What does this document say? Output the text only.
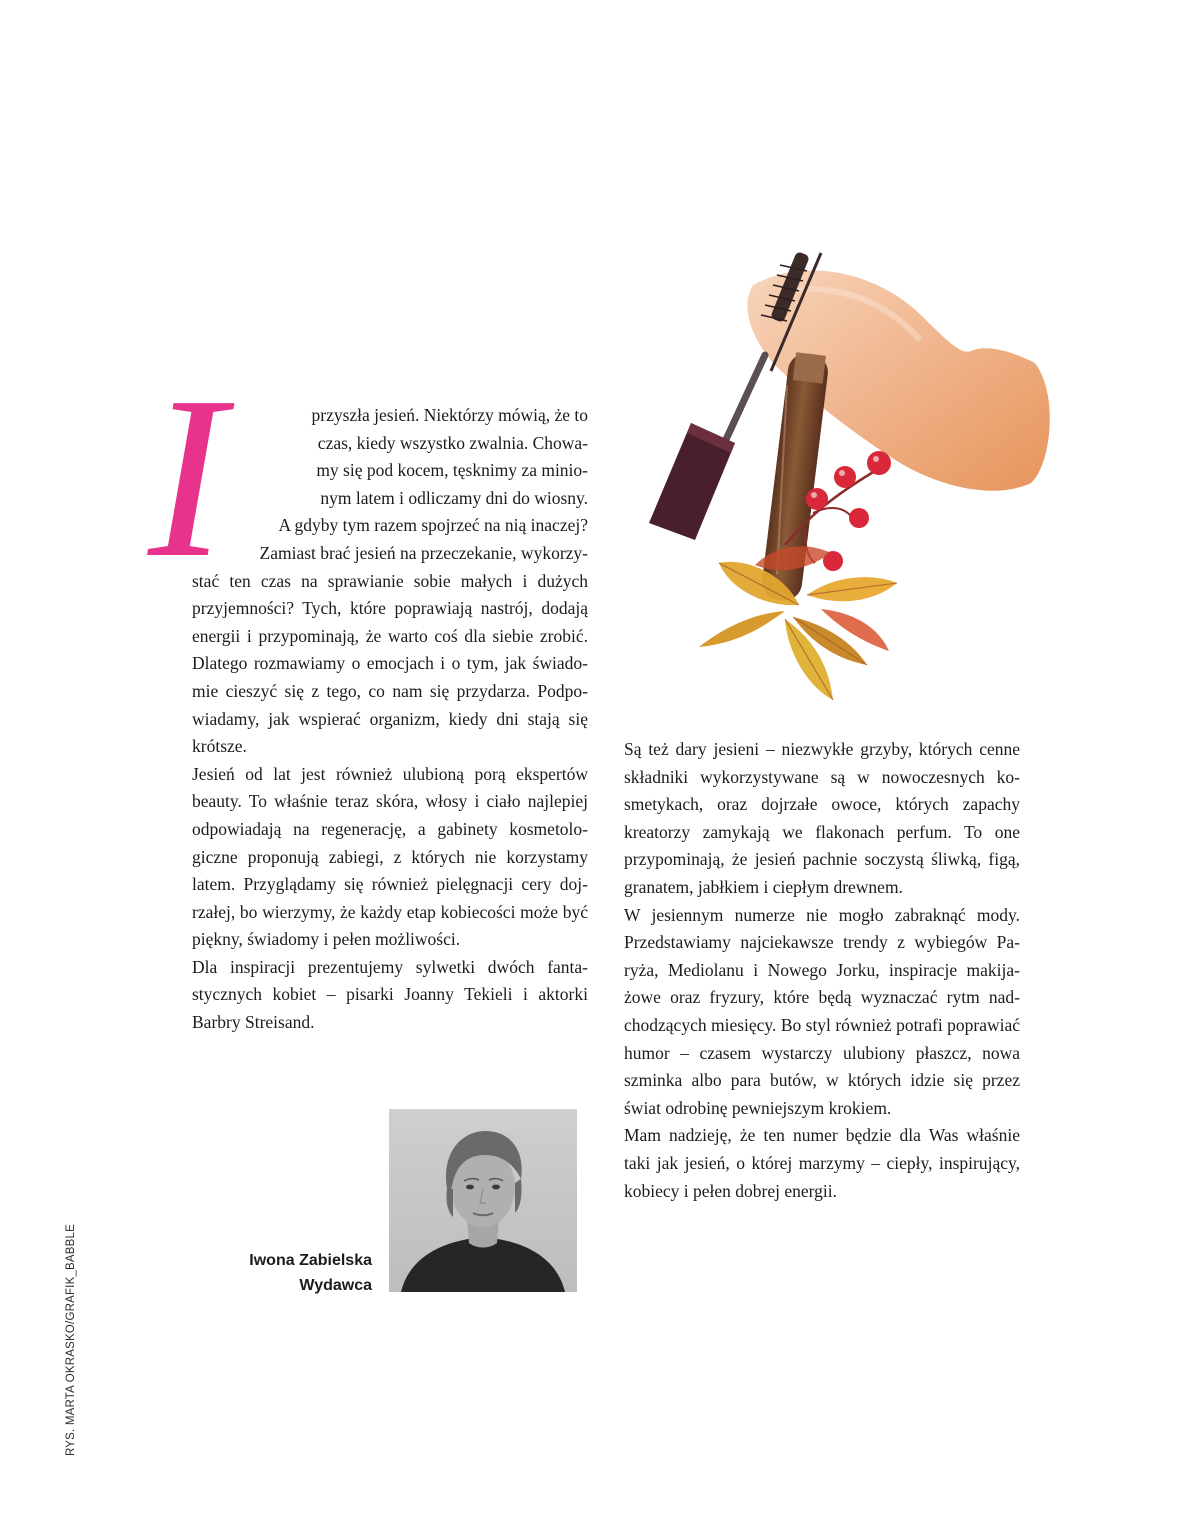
I	przyszła jesień. Niektórzy mówią, że to

czas, kiedy wszystko zwalnia. Chowa-

my się pod kocem, tęsknimy za minio-

nym latem i odliczamy dni do wiosny.

A gdyby tym razem spojrzeć na nią inaczej?

Zamiast brać jesień na przeczekanie, wykorzy-

stać ten czas na sprawianie sobie małych i dużych przyjemności? Tych, które poprawiają nastrój, dodają energii i przypominają, że warto coś dla siebie zrobić. Dlatego rozmawiamy o emocjach i o tym, jak świadomie cieszyć się z tego, co nam się przydarza. Podpowiadamy, jak wspierać organizm, kiedy dni stają się krótsze.

Jesień od lat jest również ulubioną porą ekspertów beauty. To właśnie teraz skóra, włosy i ciało najlepiej odpowiadają na regenerację, a gabinety kosmetologiczne proponują zabiegi, z których nie korzystamy latem. Przyglądamy się również pielęgnacji cery dojrzałej, bo wierzymy, że każdy etap kobiecości może być piękny, świadomy i pełen możliwości.

Dla inspiracji prezentujemy sylwetki dwóch fantastycznych kobiet – pisarki Joanny Tekieli i aktorki Barbry Streisand.

Są też dary jesieni – niezwykłe grzyby, których cenne składniki wykorzystywane są w nowoczesnych kosmetykach, oraz dojrzałe owoce, których zapachy kreatorzy zamykają we flakonach perfum. To one przypominają, że jesień pachnie soczystą śliwką, figą, granatem, jabłkiem i ciepłym drewnem.

W jesiennym numerze nie mogło zabraknąć mody. Przedstawiamy najciekawsze trendy z wybiegów Paryża, Mediolanu i Nowego Jorku, inspiracje makijażowe oraz fryzury, które będą wyznaczać rytm nadchodzących miesięcy. Bo styl również potrafi poprawiać humor – czasem wystarczy ulubiony płaszcz, nowa szminka albo para butów, w których idzie się przez świat odrobinę pewniejszym krokiem.

Mam nadzieję, że ten numer będzie dla Was właśnie taki jak jesień, o której marzymy – ciepły, inspirujący, kobiecy i pełen dobrej energii.

Iwona Zabielska
Wydawca
RYS. MARTA OKRASKO/GRAFIK_BABBLE
